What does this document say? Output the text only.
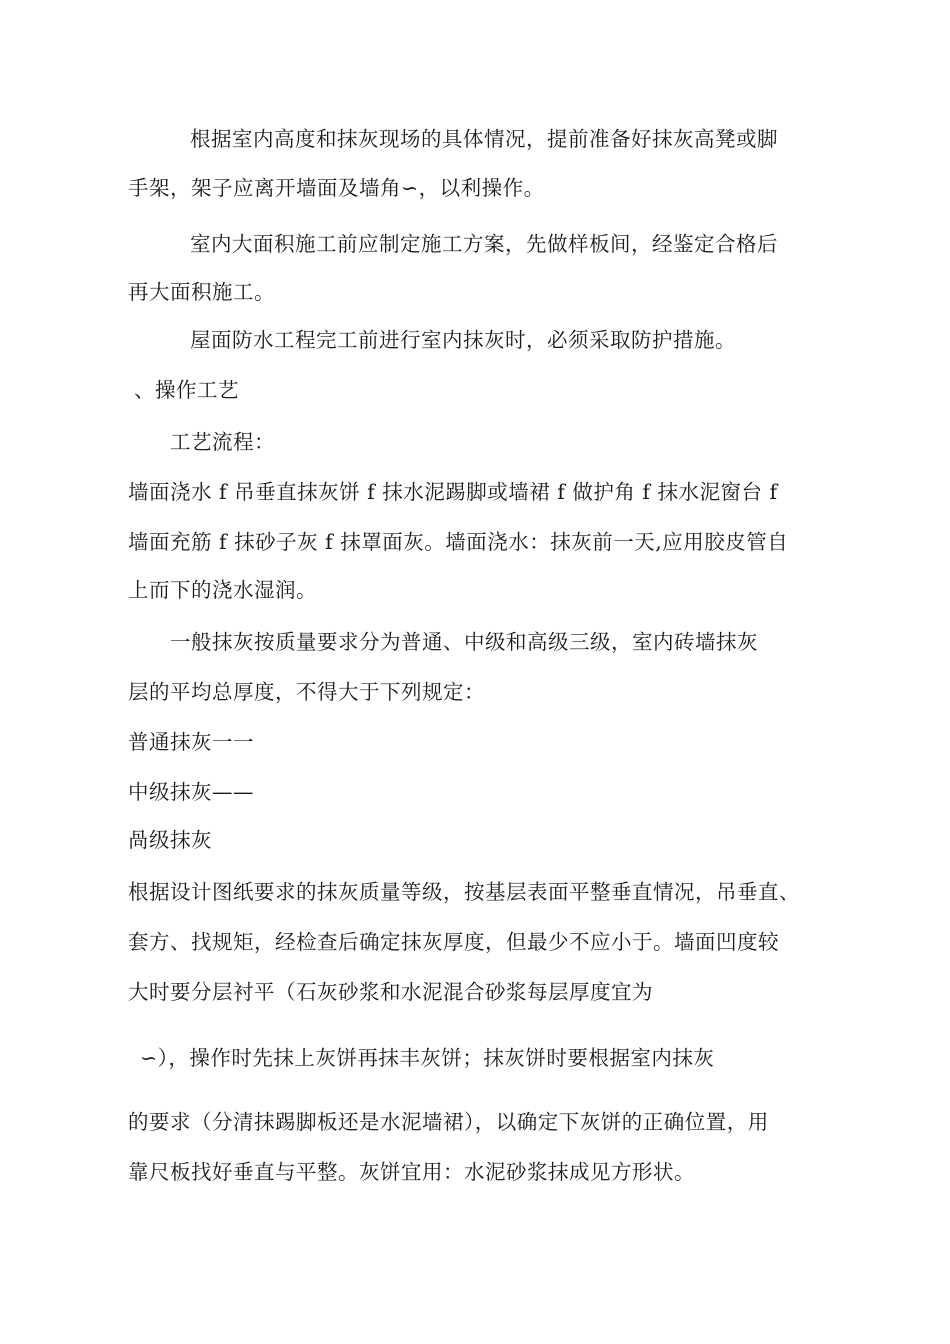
根据室内高度和抹灰现场的具体情况，提前准备好抹灰高凳或脚
手架，架子应离开墙面及墙角∽，以利操作。
室内大面积施工前应制定施工方案，先做样板间，经鉴定合格后
再大面积施工。
屋面防水工程完工前进行室内抹灰时，必须采取防护措施。
、操作工艺
工艺流程：
墙面浇水 f 吊垂直抹灰饼 f 抹水泥踢脚或墙裙 f 做护角 f 抹水泥窗台 f
墙面充筋 f 抹砂子灰 f 抹罩面灰。墙面浇水：抹灰前一天,应用胶皮管自
上而下的浇水湿润。
一般抹灰按质量要求分为普通、中级和高级三级，室内砖墙抹灰
层的平均总厚度，不得大于下列规定：
普通抹灰一一
中级抹灰——
咼级抹灰
根据设计图纸要求的抹灰质量等级，按基层表面平整垂直情况，吊垂直、
套方、找规矩，经检查后确定抹灰厚度，但最少不应小于。墙面凹度较
大时要分层衬平（石灰砂浆和水泥混合砂浆每层厚度宜为
∽），操作时先抹上灰饼再抹丰灰饼；抹灰饼时要根据室内抹灰
的要求（分清抹踢脚板还是水泥墙裙），以确定下灰饼的正确位置，用
靠尺板找好垂直与平整。灰饼宜用：水泥砂浆抹成见方形状。
